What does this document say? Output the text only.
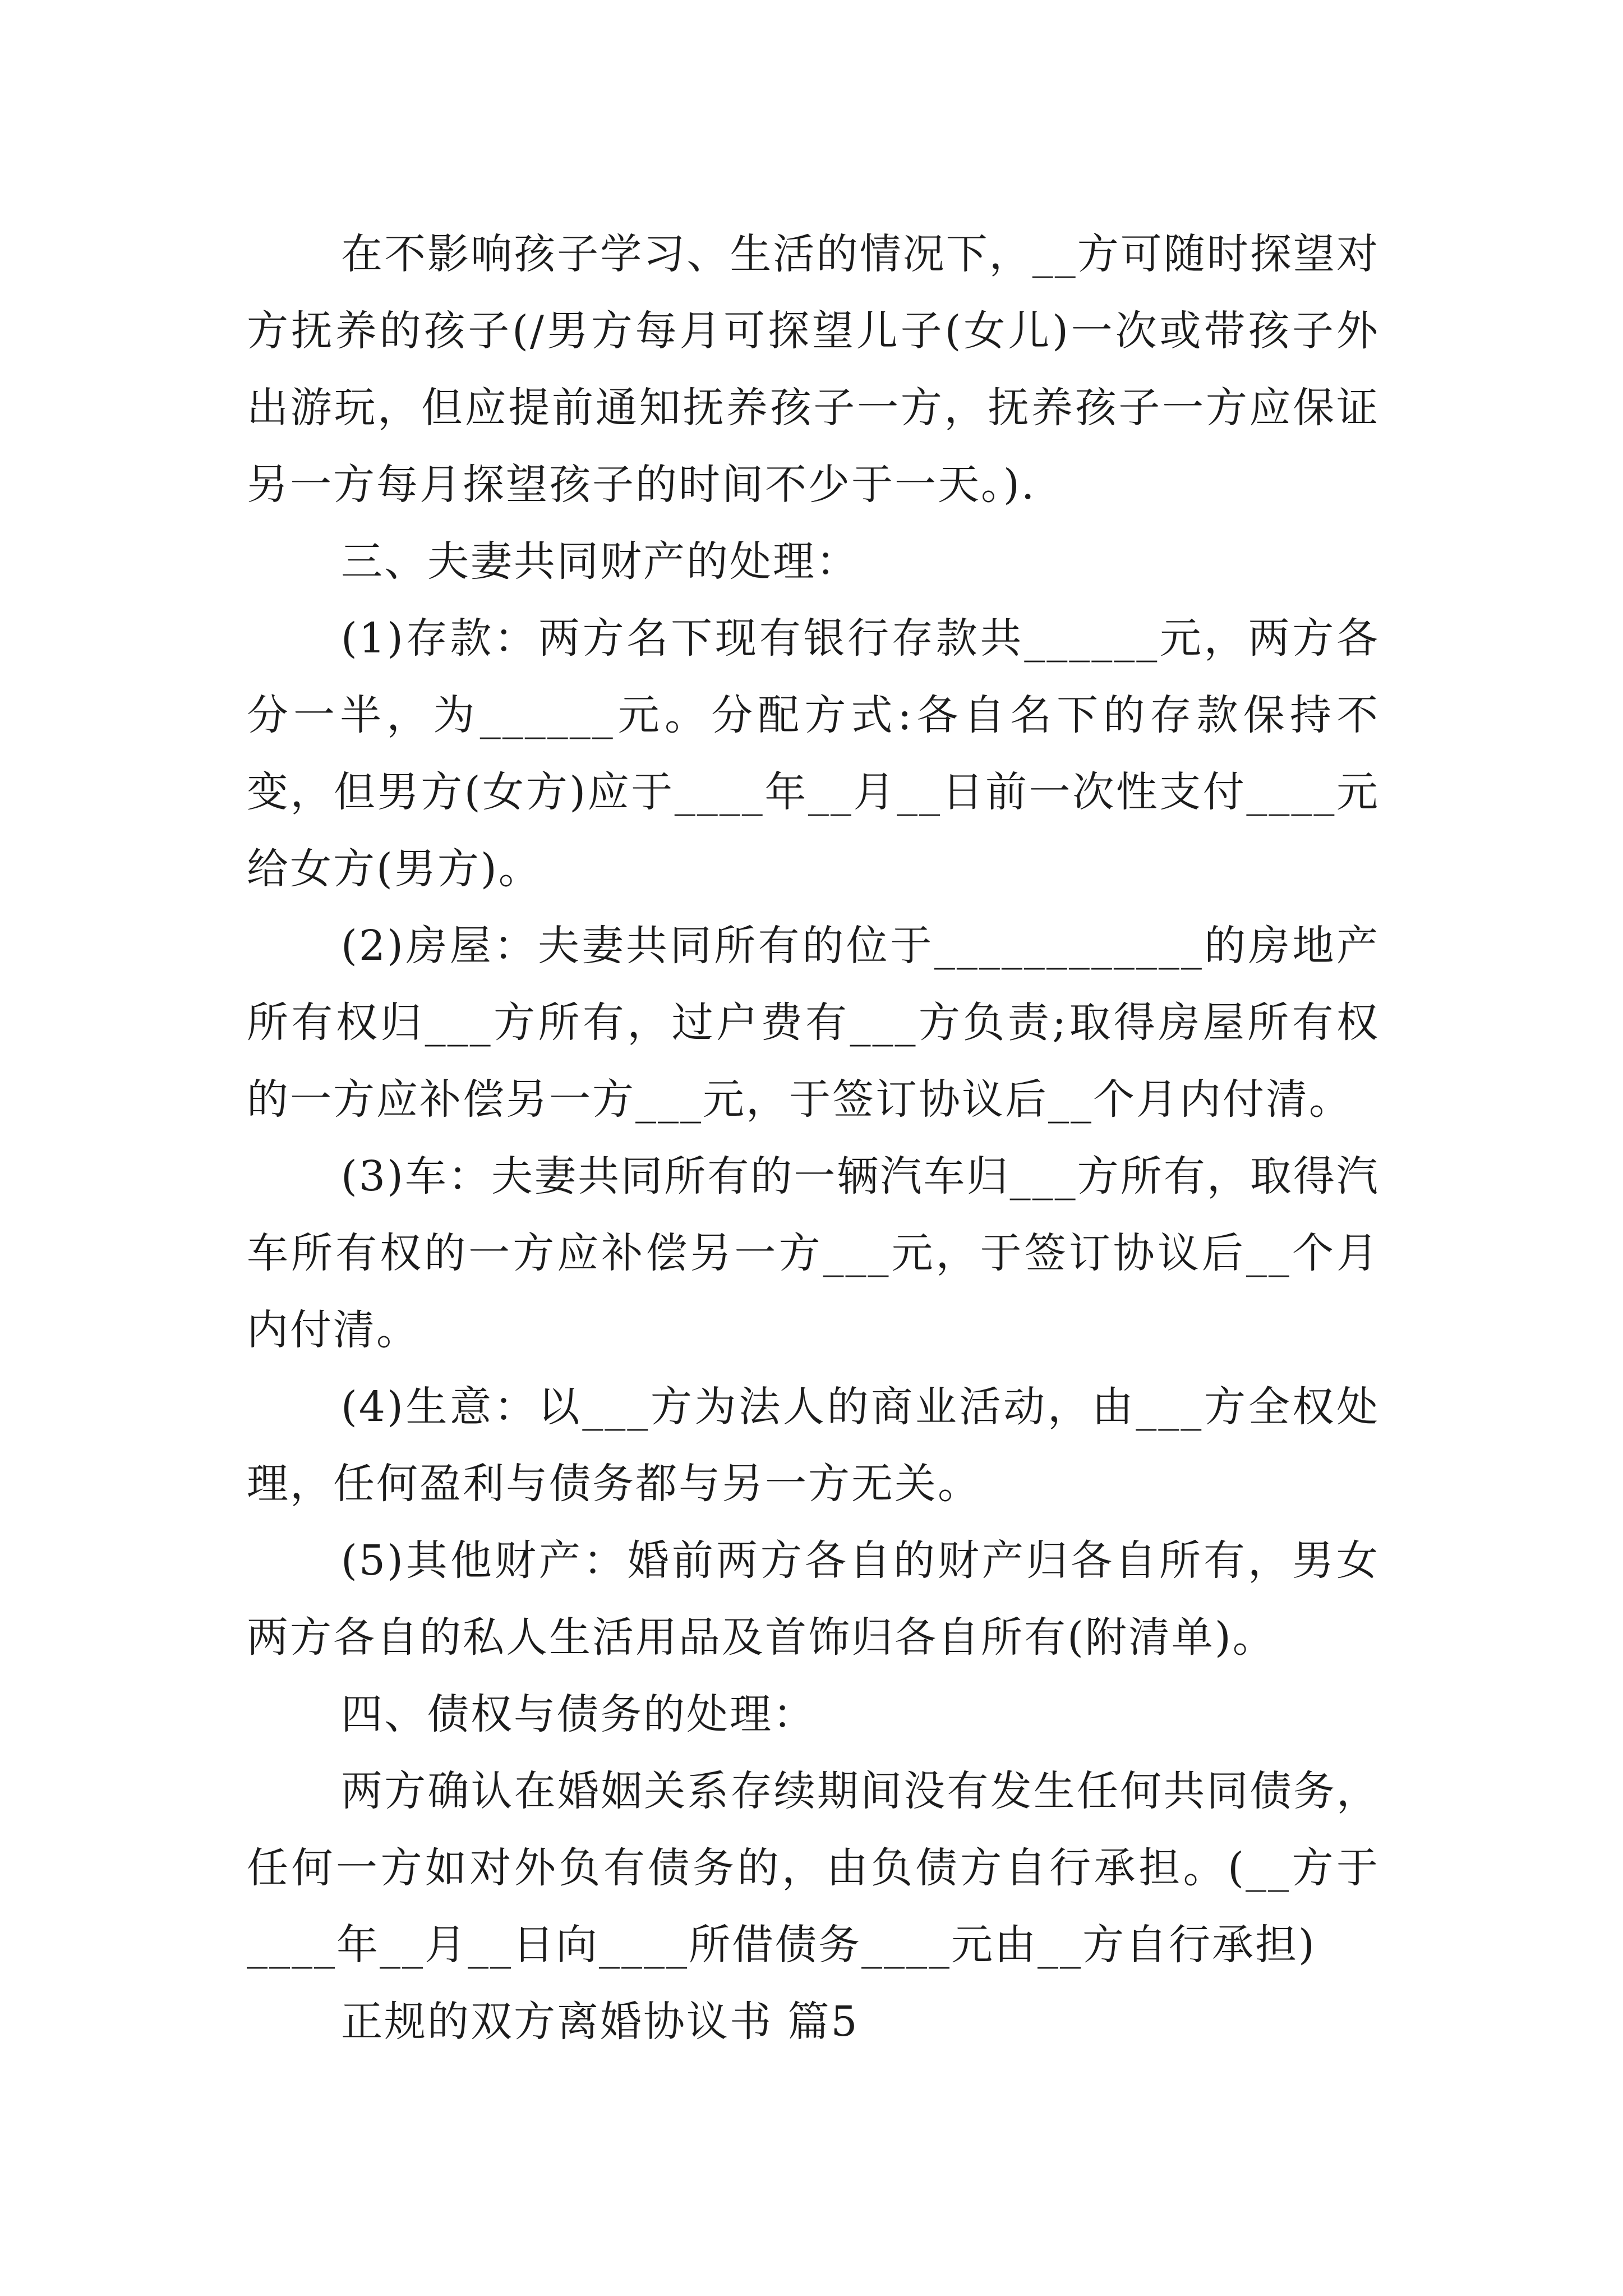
在不影响孩子学习、生活的情况下，__方可随时探望对方抚养的孩子(/男方每月可探望儿子(女儿)一次或带孩子外出游玩，但应提前通知抚养孩子一方，抚养孩子一方应保证另一方每月探望孩子的时间不少于一天。).

三、夫妻共同财产的处理：

(1)存款：两方名下现有银行存款共______元，两方各分一半，为______元。分配方式:各自名下的存款保持不变，但男方(女方)应于____年__月__日前一次性支付____元给女方(男方)。

(2)房屋：夫妻共同所有的位于____________的房地产所有权归___方所有，过户费有___方负责;取得房屋所有权的一方应补偿另一方___元，于签订协议后__个月内付清。

(3)车：夫妻共同所有的一辆汽车归___方所有，取得汽车所有权的一方应补偿另一方___元，于签订协议后__个月内付清。

(4)生意：以___方为法人的商业活动，由___方全权处理，任何盈利与债务都与另一方无关。

(5)其他财产：婚前两方各自的财产归各自所有，男女两方各自的私人生活用品及首饰归各自所有(附清单)。

四、债权与债务的处理：

两方确认在婚姻关系存续期间没有发生任何共同债务，任何一方如对外负有债务的，由负债方自行承担。(__方于____年__月__日向____所借债务____元由__方自行承担)

正规的双方离婚协议书 篇5
